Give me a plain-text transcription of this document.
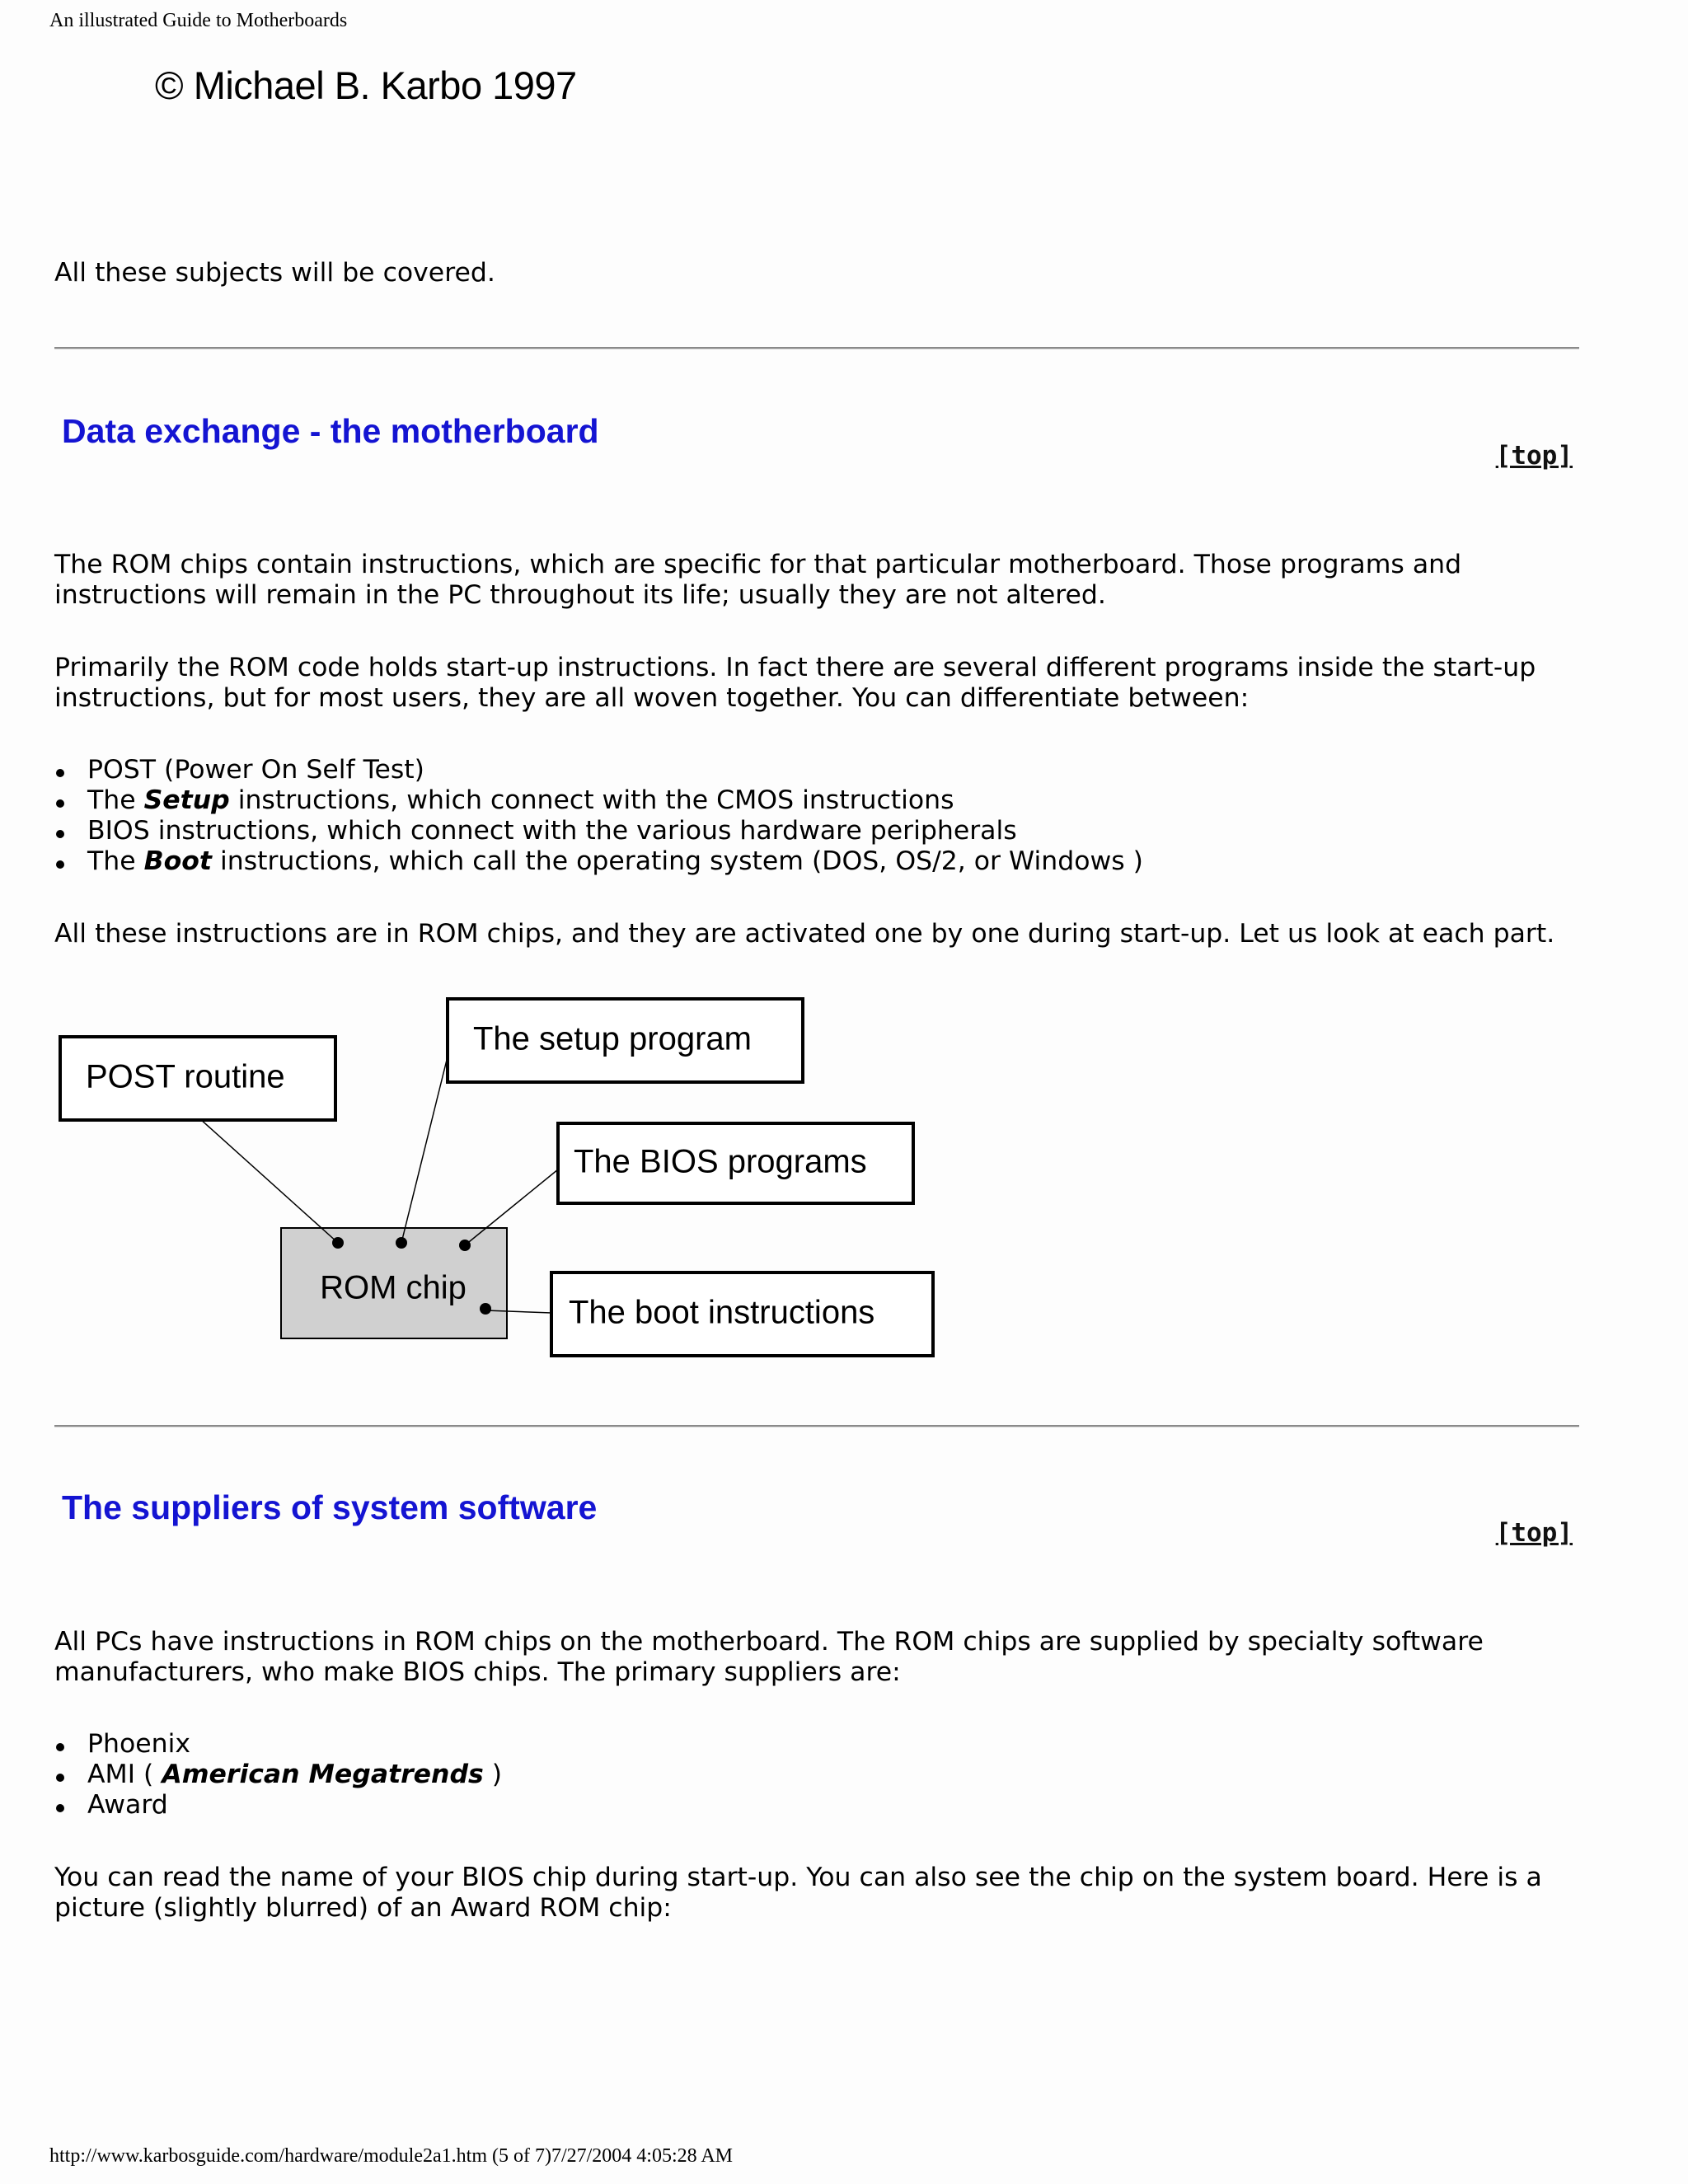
An illustrated Guide to Motherboards
© Michael B. Karbo 1997

All these subjects will be covered.

Data exchange - the motherboard
[top]

The ROM chips contain instructions, which are specific for that particular motherboard. Those programs and instructions will remain in the PC throughout its life; usually they are not altered.

Primarily the ROM code holds start-up instructions. In fact there are several different programs inside the start-up instructions, but for most users, they are all woven together. You can differentiate between:

POST (Power On Self Test)
The Setup instructions, which connect with the CMOS instructions
BIOS instructions, which connect with the various hardware peripherals
The Boot instructions, which call the operating system (DOS, OS/2, or Windows )

All these instructions are in ROM chips, and they are activated one by one during start-up. Let us look at each part.

ROM chip
POST routine
The setup program
The BIOS programs
The boot instructions
The suppliers of system software
[top]

All PCs have instructions in ROM chips on the motherboard. The ROM chips are supplied by specialty software manufacturers, who make BIOS chips. The primary suppliers are:

Phoenix
AMI ( American Megatrends )
Award

You can read the name of your BIOS chip during start-up. You can also see the chip on the system board. Here is a picture (slightly blurred) of an Award ROM chip:

http://www.karbosguide.com/hardware/module2a1.htm (5 of 7)7/27/2004 4:05:28 AM
